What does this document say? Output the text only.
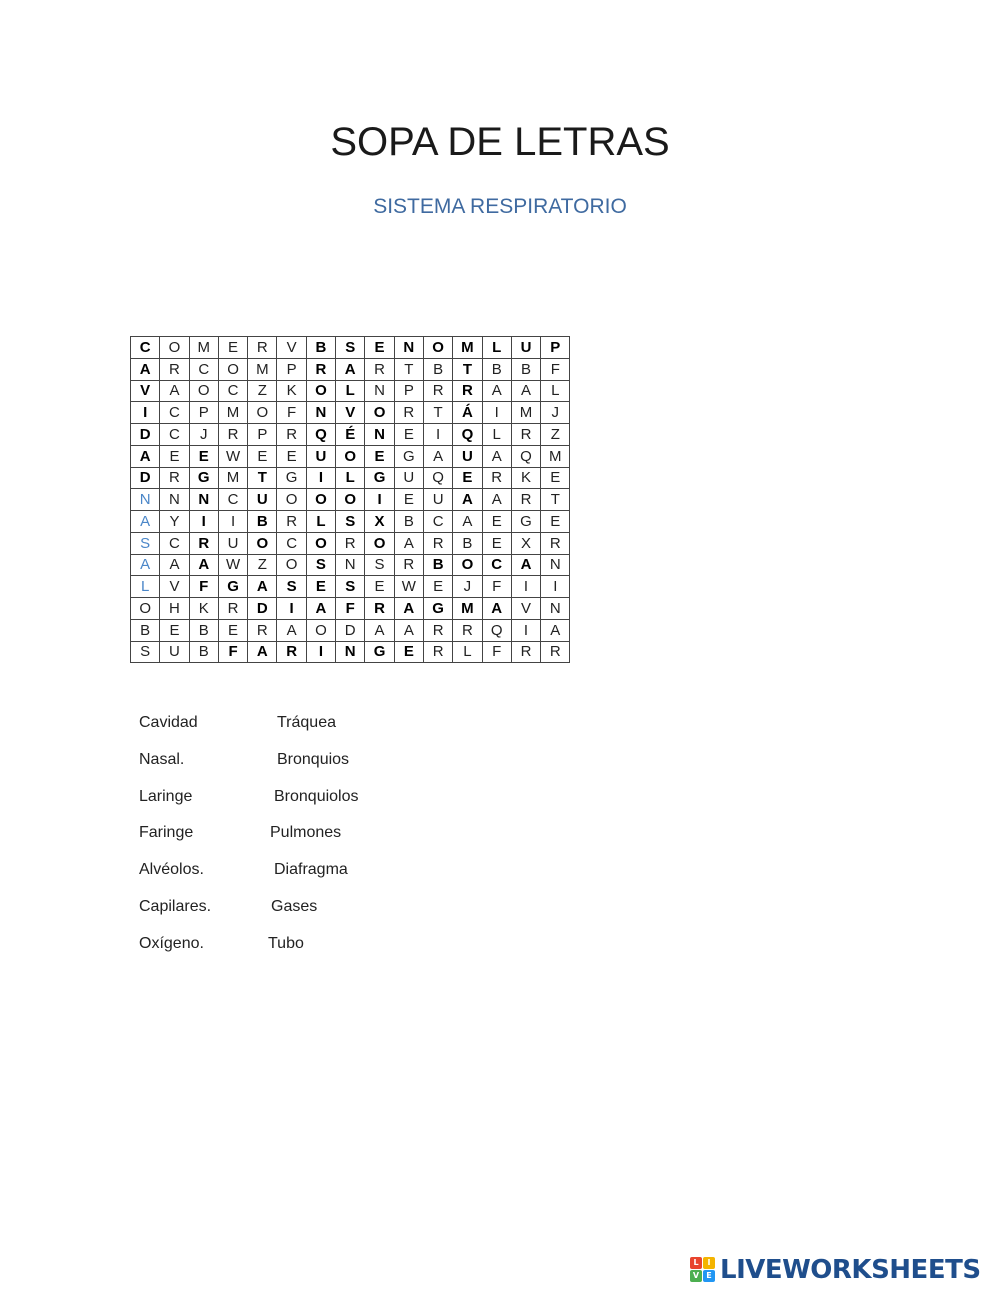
SOPA DE LETRAS
SISTEMA RESPIRATORIO
C	O	M	E	R	V	B	S	E	N	O	M	L	U	P
A	R	C	O	M	P	R	A	R	T	B	T	B	B	F
V	A	O	C	Z	K	O	L	N	P	R	R	A	A	L
I	C	P	M	O	F	N	V	O	R	T	Á	I	M	J
D	C	J	R	P	R	Q	É	N	E	I	Q	L	R	Z
A	E	E	W	E	E	U	O	E	G	A	U	A	Q	M
D	R	G	M	T	G	I	L	G	U	Q	E	R	K	E
N	N	N	C	U	O	O	O	I	E	U	A	A	R	T
A	Y	I	I	B	R	L	S	X	B	C	A	E	G	E
S	C	R	U	O	C	O	R	O	A	R	B	E	X	R
A	A	A	W	Z	O	S	N	S	R	B	O	C	A	N
L	V	F	G	A	S	E	S	E	W	E	J	F	I	I
O	H	K	R	D	I	A	F	R	A	G	M	A	V	N
B	E	B	E	R	A	O	D	A	A	R	R	Q	I	A
S	U	B	F	A	R	I	N	G	E	R	L	F	R	R
Cavidad	Tráquea
Nasal.	Bronquios
Laringe	Bronquiolos
Faringe	Pulmones
Alvéolos.	Diafragma
Capilares.	Gases
Oxígeno.	Tubo
L	I
V E LIVEWORKSHEETS
